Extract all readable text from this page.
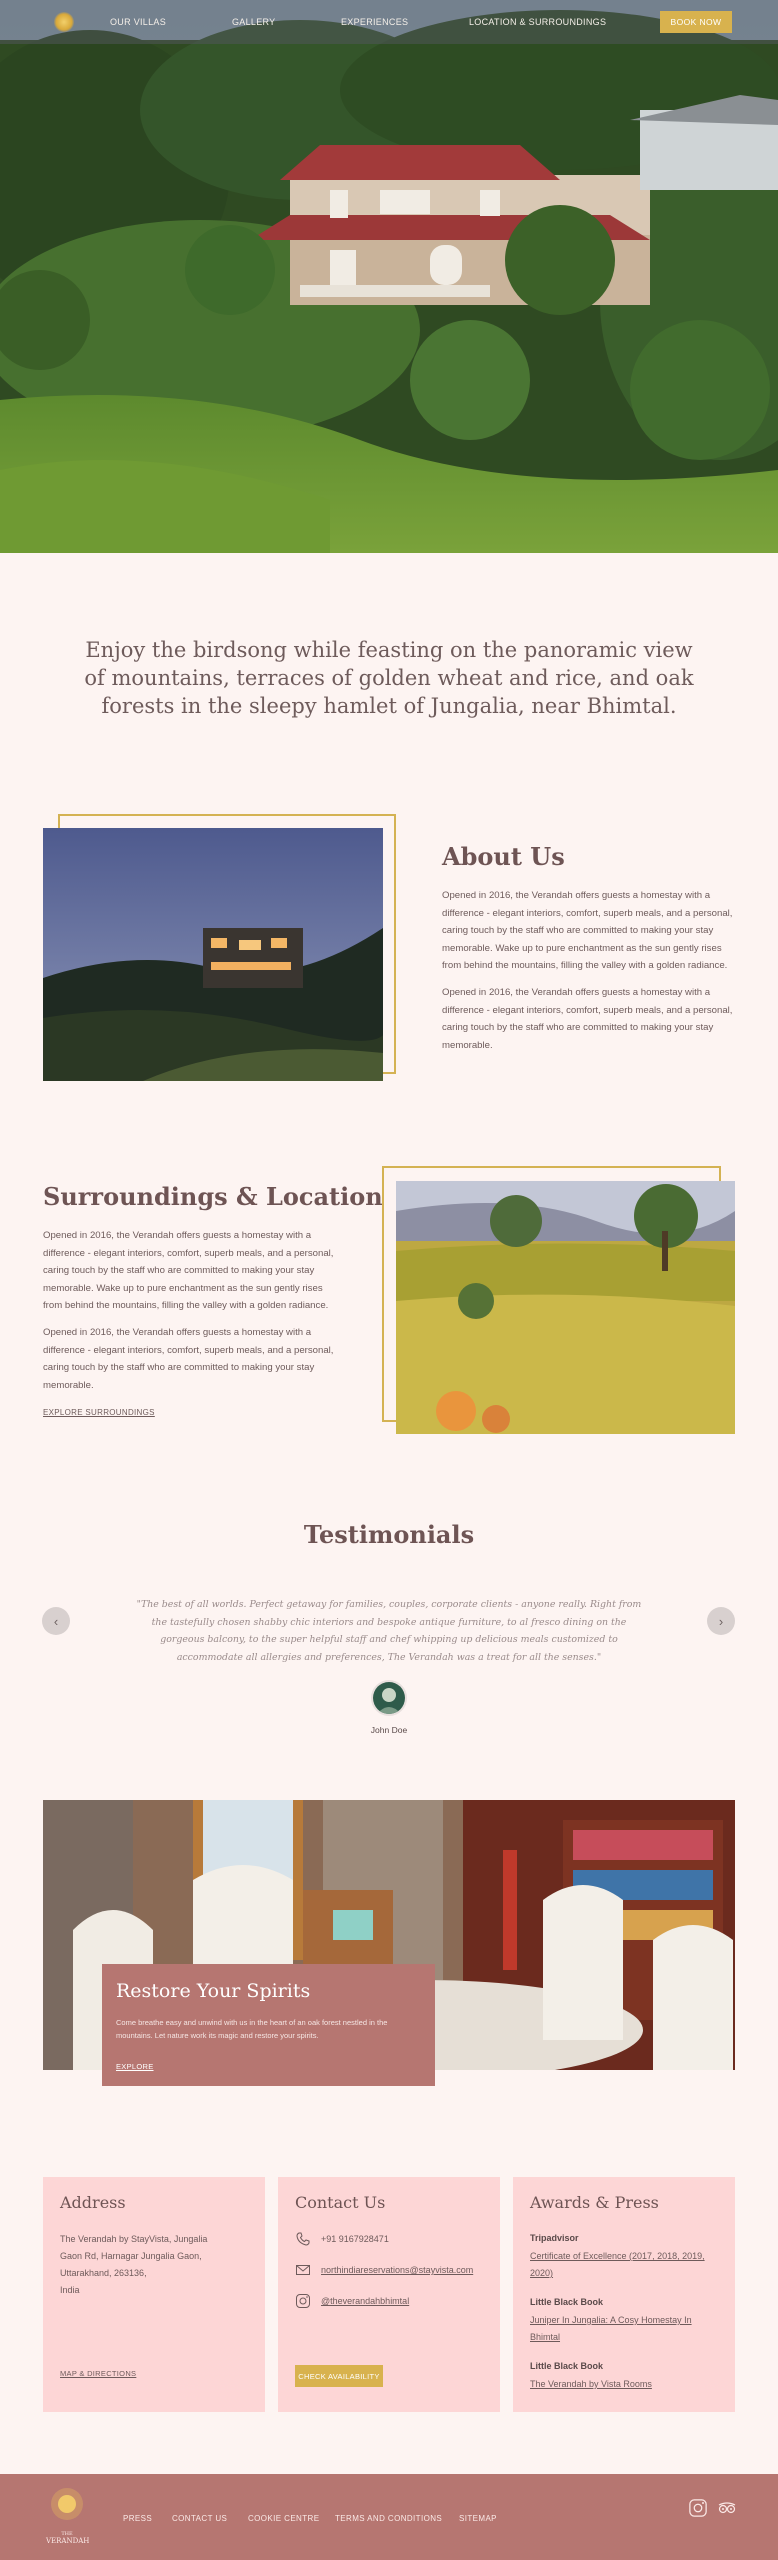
OUR VILLAS	GALLERY	EXPERIENCES	LOCATION & SURROUNDINGS	BOOK NOW

Enjoy the birdsong while feasting on the panoramic view of mountains, terraces of golden wheat and rice, and oak forests in the sleepy hamlet of Jungalia, near Bhimtal.

About Us

Opened in 2016, the Verandah offers guests a homestay with a difference - elegant interiors, comfort, superb meals, and a personal, caring touch by the staff who are committed to making your stay memorable. Wake up to pure enchantment as the sun gently rises from behind the mountains, filling the valley with a golden radiance.

Opened in 2016, the Verandah offers guests a homestay with a difference - elegant interiors, comfort, superb meals, and a personal, caring touch by the staff who are committed to making your stay memorable.

Surroundings & Location

Opened in 2016, the Verandah offers guests a homestay with a difference - elegant interiors, comfort, superb meals, and a personal, caring touch by the staff who are committed to making your stay memorable. Wake up to pure enchantment as the sun gently rises from behind the mountains, filling the valley with a golden radiance.

Opened in 2016, the Verandah offers guests a homestay with a difference - elegant interiors, comfort, superb meals, and a personal, caring touch by the staff who are committed to making your stay memorable.

EXPLORE SURROUNDINGS
Testimonials
‹	›

"The best of all worlds. Perfect getaway for families, couples, corporate clients - anyone really. Right from the tastefully chosen shabby chic interiors and bespoke antique furniture, to al fresco dining on the gorgeous balcony, to the super helpful staff and chef whipping up delicious meals customized to accommodate all allergies and preferences, The Verandah was a treat for all the senses."

John Doe
Restore Your Spirits

Come breathe easy and unwind with us in the heart of an oak forest nestled in the mountains. Let nature work its magic and restore your spirits.

EXPLORE
Address
The Verandah by StayVista, Jungalia
Gaon Rd, Harnagar Jungalia Gaon,
Uttarakhand, 263136,
India
MAP & DIRECTIONS
Contact Us
+91 9167928471
northindiareservations@stayvista.com
@theverandahbhimtal
CHECK AVAILABILITY
Awards & Press
Tripadvisor
Certificate of Excellence (2017, 2018, 2019, 2020)
Little Black Book
Juniper In Jungalia: A Cosy Homestay In Bhimtal
Little Black Book
The Verandah by Vista Rooms
THE
VERANDAH
PRESS CONTACT US	COOKIE CENTRE TERMS AND CONDITIONS SITEMAP
